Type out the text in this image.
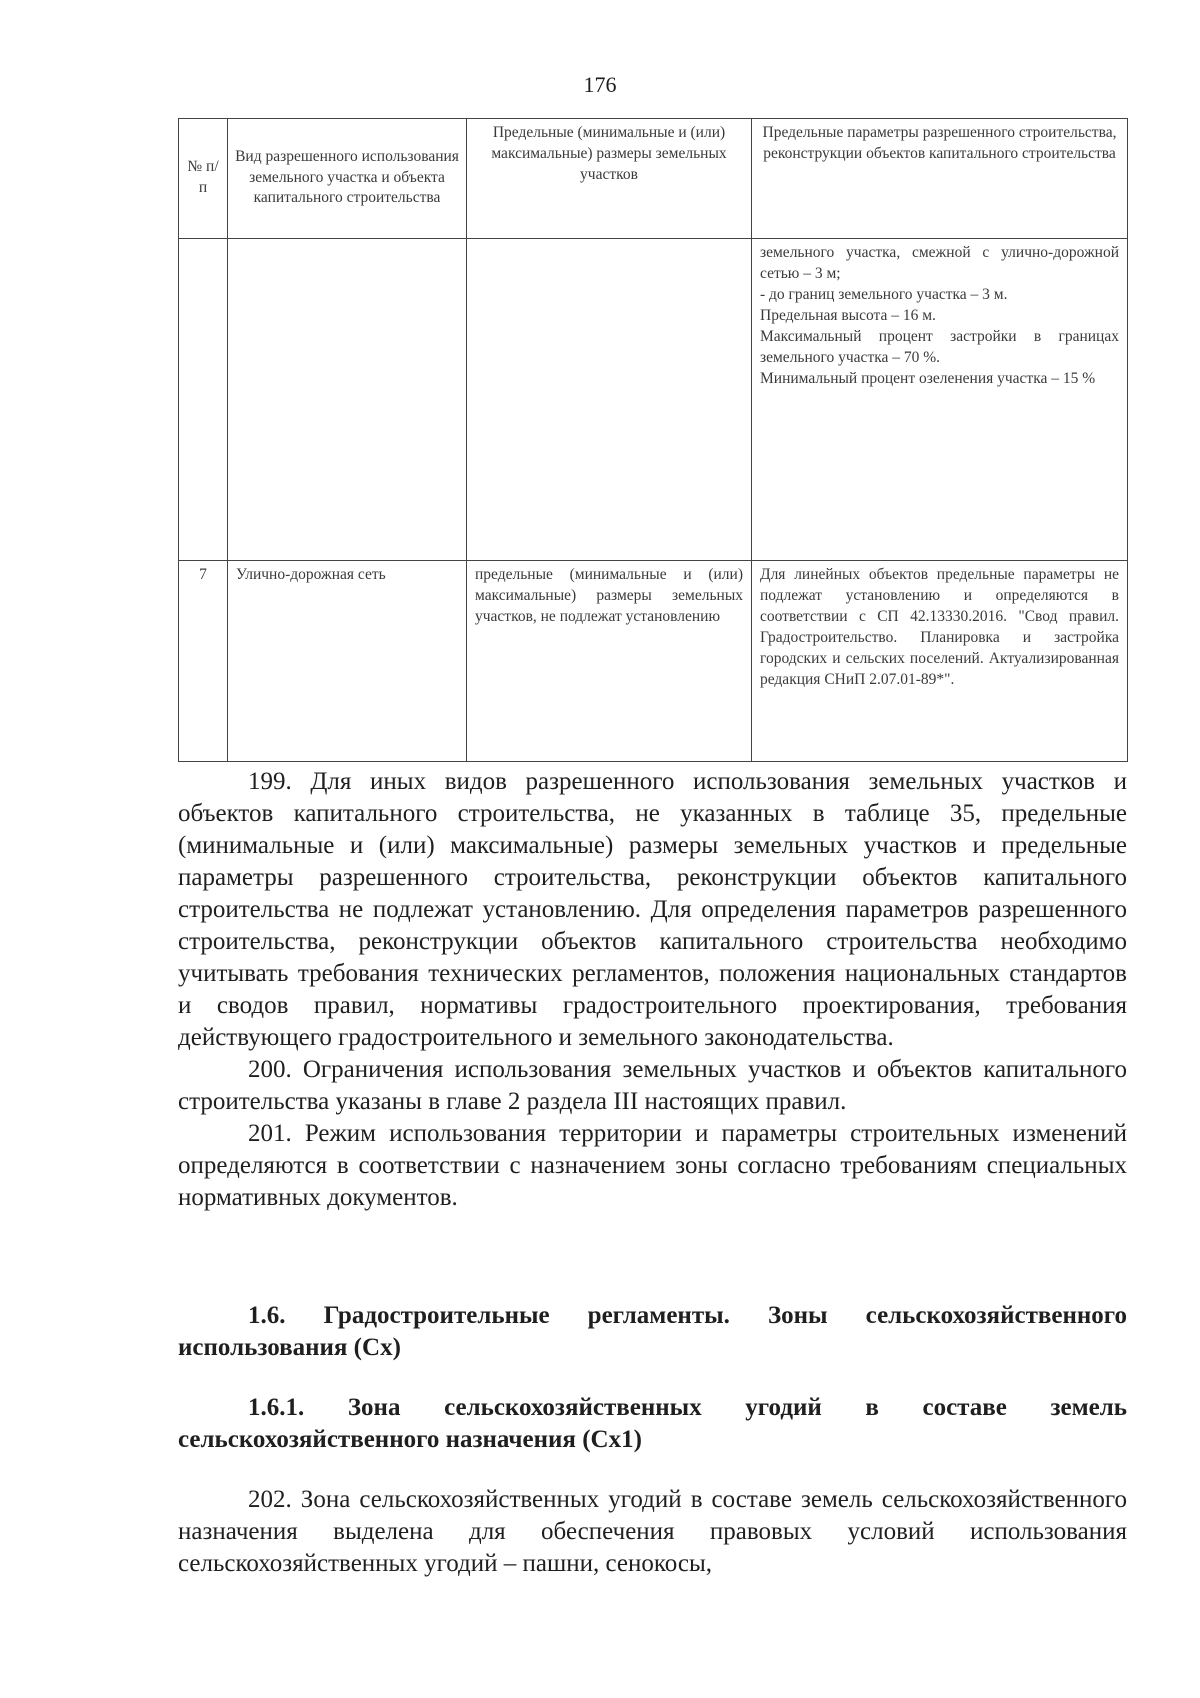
176
№ п/п	Вид разрешенного использования земельного участка и объекта капитального строительства	Предельные (минимальные и (или) максимальные) размеры земельных участков	Предельные параметры разрешенного строительства, реконструкции объектов капитального строительства

			земельного участка, смежной с улично-дорожной сетью – 3 м;
- до границ земельного участка – 3 м.
Предельная высота – 16 м.
Максимальный процент застройки в границах земельного участка – 70 %.
Минимальный процент озеленения участка – 15 %

7	Улично-дорожная сеть	предельные (минимальные и (или) максимальные) размеры земельных участков, не подлежат установлению	Для линейных объектов предельные параметры не подлежат установлению и определяются в соответствии с СП 42.13330.2016. "Свод правил. Градостроительство. Планировка и застройка городских и сельских поселений. Актуализированная редакция СНиП 2.07.01-89*".

199. Для иных видов разрешенного использования земельных участков и объектов капитального строительства, не указанных в таблице 35, предельные (минимальные и (или) максимальные) размеры земельных участков и предельные параметры разрешенного строительства, реконструкции объектов капитального строительства не подлежат установлению. Для определения параметров разрешенного строительства, реконструкции объектов капитального строительства необходимо учитывать требования технических регламентов, положения национальных стандартов и сводов правил, нормативы градостроительного проектирования, требования действующего градостроительного и земельного законодательства.

200. Ограничения использования земельных участков и объектов капитального строительства указаны в главе 2 раздела III настоящих правил.

201. Режим использования территории и параметры строительных изменений определяются в соответствии с назначением зоны согласно требованиям специальных нормативных документов.

1.6. Градостроительные регламенты. Зоны сельскохозяйственного использования (Сх)

1.6.1. Зона сельскохозяйственных угодий в составе земель сельскохозяйственного назначения (Сх1)

202. Зона сельскохозяйственных угодий в составе земель сельскохозяйственного назначения выделена для обеспечения правовых условий использования сельскохозяйственных угодий – пашни, сенокосы,
